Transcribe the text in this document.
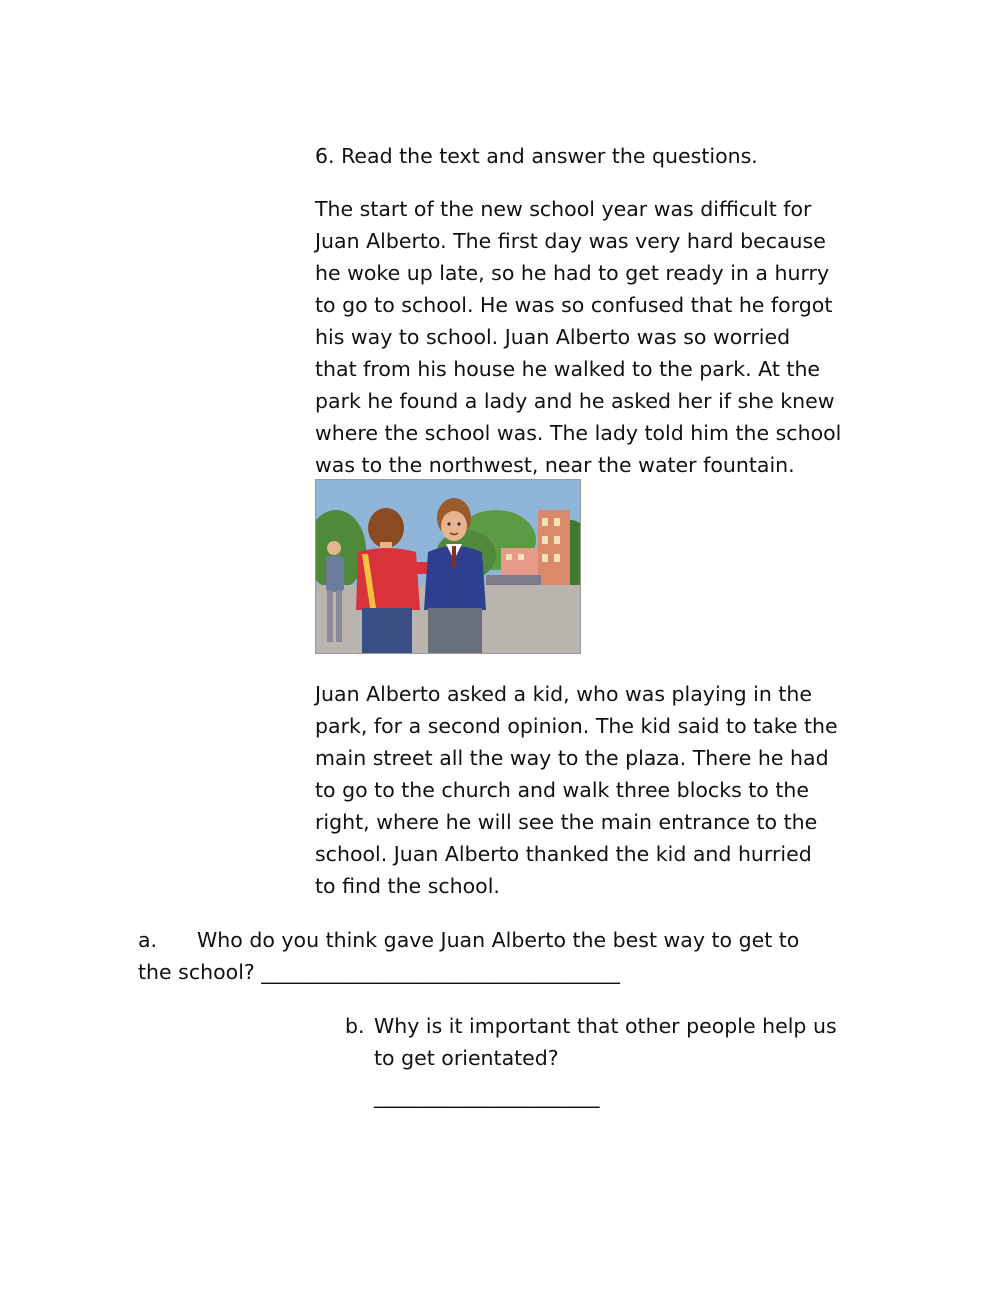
6. Read the text and answer the questions.
The start of the new school year was difficult for
Juan Alberto. The first day was very hard because
he woke up late, so he had to get ready in a hurry
to go to school. He was so confused that he forgot
his way to school. Juan Alberto was so worried
that from his house he walked to the park. At the
park he found a lady and he asked her if she knew
where the school was. The lady told him the school
was to the northwest, near the water fountain.
Juan Alberto asked a kid, who was playing in the
park, for a second opinion. The kid said to take the
main street all the way to the plaza. There he had
to go to the church and walk three blocks to the
right, where he will see the main entrance to the
school. Juan Alberto thanked the kid and hurried
to find the school.
a. Who do you think gave Juan Alberto the best way to get to
the school? ___________________________________
b. Why is it important that other people help us
to get orientated?
______________________
